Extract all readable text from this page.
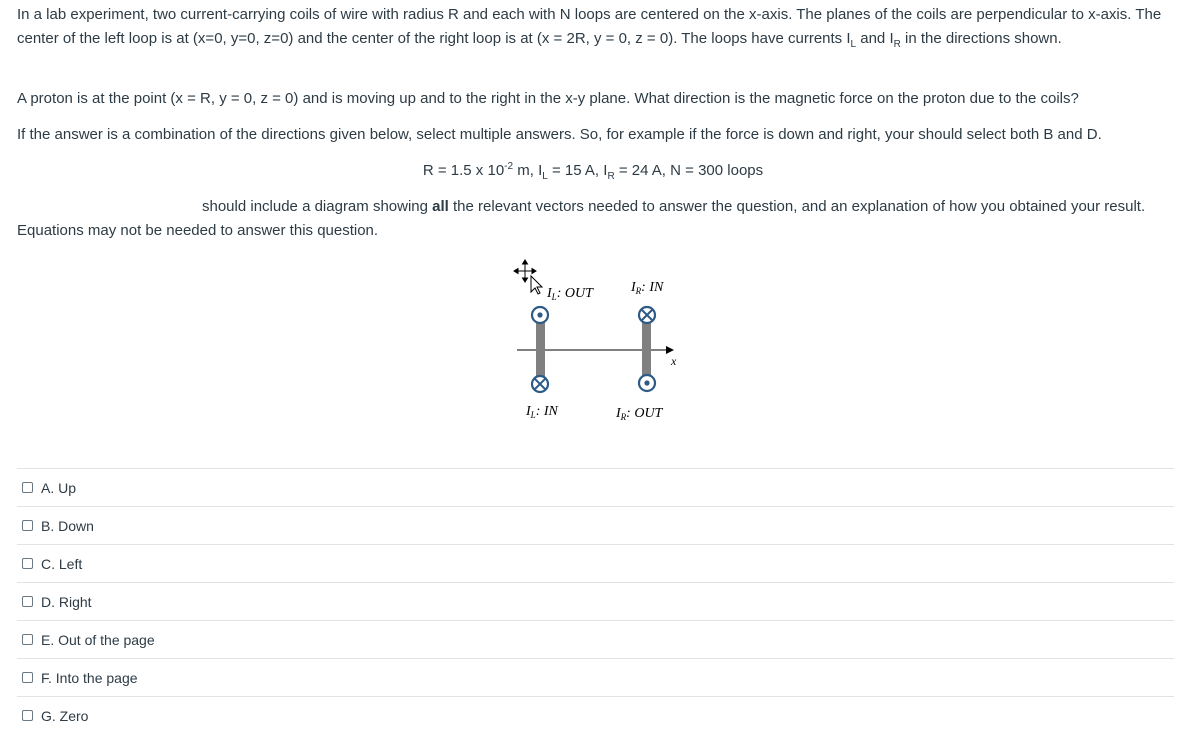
In a lab experiment, two current-carrying coils of wire with radius R and each with N loops are centered on the x-axis. The planes of the coils are perpendicular to x-axis. The center of the left loop is at (x=0, y=0, z=0) and the center of the right loop is at (x = 2R, y = 0, z = 0). The loops have currents $I_L$ and $I_R$ in the directions shown.

A proton is at the point (x = R, y = 0, z = 0) and is moving up and to the right in the x-y plane. What direction is the magnetic force on the proton due to the coils?

If the answer is a combination of the directions given below, select multiple answers. So, for example if the force is down and right, your should select both B and D.

R = 1.5 x $10^{-2}$ m, $I_L = 15$ A, $I_R = 24$ A, N = 300 loops

should include a diagram showing all the relevant vectors needed to answer the question, and an explanation of how you obtained your result. Equations may not be needed to answer this question.

x
$I_L$: OUT	$I_R$: IN
$I_L$: IN	$I_R$: OUT
A. Up
B. Down
C. Left
D. Right
E. Out of the page
F. Into the page
G. Zero
